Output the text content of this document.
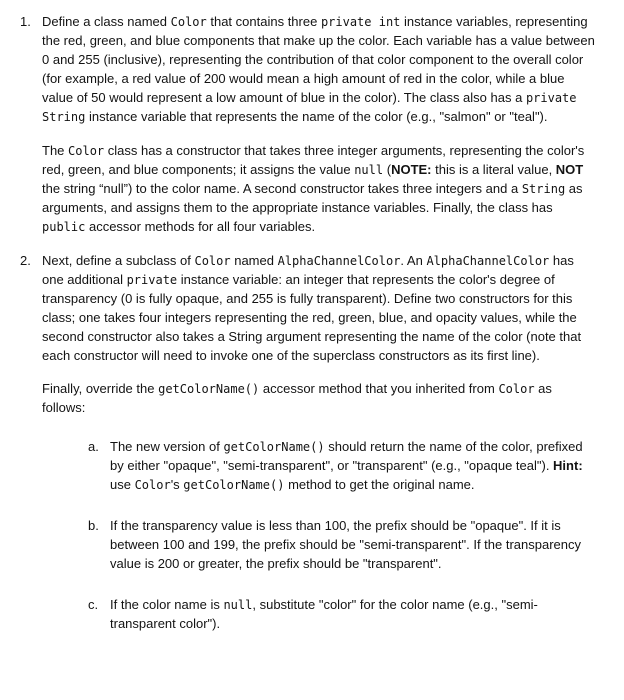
1. Define a class named Color that contains three private int instance variables, representing the red, green, and blue components that make up the color. Each variable has a value between 0 and 255 (inclusive), representing the contribution of that color component to the overall color (for example, a red value of 200 would mean a high amount of red in the color, while a blue value of 50 would represent a low amount of blue in the color). The class also has a private String instance variable that represents the name of the color (e.g., "salmon" or "teal").

The Color class has a constructor that takes three integer arguments, representing the color's red, green, and blue components; it assigns the value null (NOTE: this is a literal value, NOT the string “null”) to the color name. A second constructor takes three integers and a String as arguments, and assigns them to the appropriate instance variables. Finally, the class has public accessor methods for all four variables.

2. Next, define a subclass of Color named AlphaChannelColor. An AlphaChannelColor has one additional private instance variable: an integer that represents the color's degree of transparency (0 is fully opaque, and 255 is fully transparent). Define two constructors for this class; one takes four integers representing the red, green, blue, and opacity values, while the second constructor also takes a String argument representing the name of the color (note that each constructor will need to invoke one of the superclass constructors as its first line).

Finally, override the getColorName() accessor method that you inherited from Color as follows:

a. The new version of getColorName() should return the name of the color, prefixed by either "opaque", "semi-transparent", or "transparent" (e.g., "opaque teal"). Hint: use Color's getColorName() method to get the original name.
b. If the transparency value is less than 100, the prefix should be "opaque". If it is between 100 and 199, the prefix should be "semi-transparent". If the transparency value is 200 or greater, the prefix should be "transparent".
c. If the color name is null, substitute "color" for the color name (e.g., "semi-transparent color").
